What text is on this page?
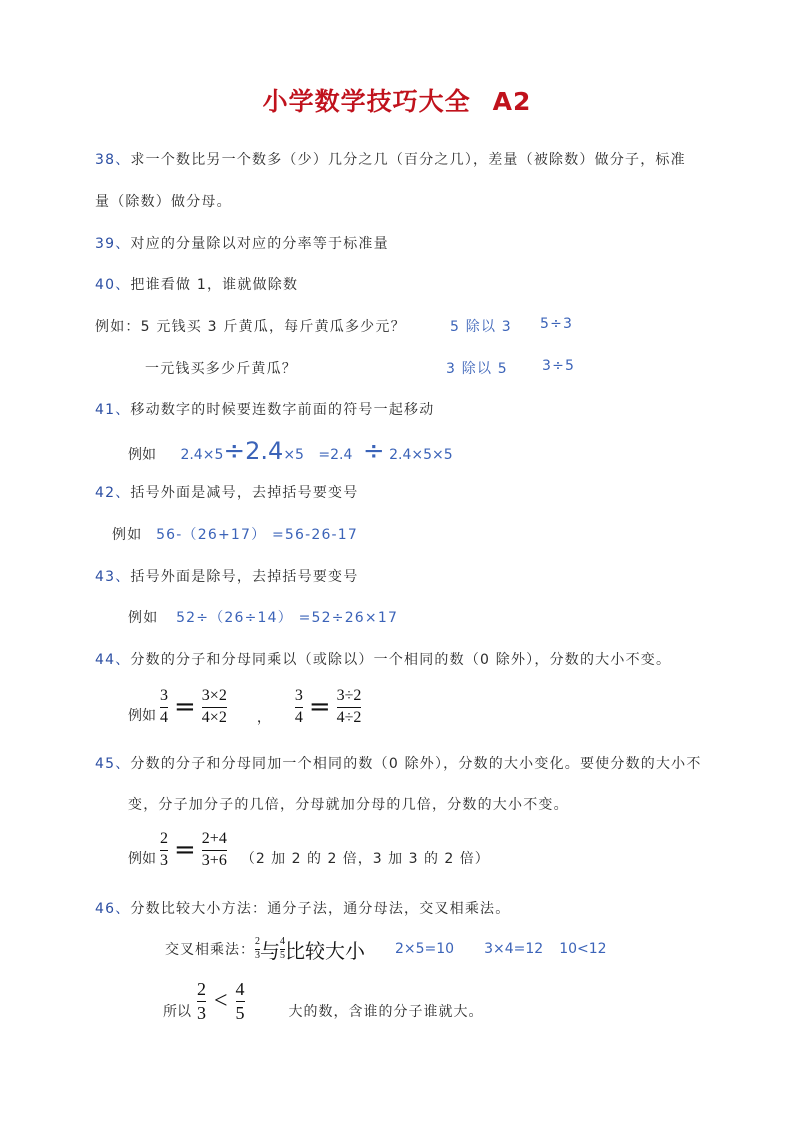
小学数学技巧大全 A2
38、求一个数比另一个数多（少）几分之几（百分之几），差量（被除数）做分子，标准
量（除数）做分母。
39、对应的分量除以对应的分率等于标准量
40、把谁看做 1，谁就做除数
例如：5 元钱买 3 斤黄瓜，每斤黄瓜多少元？	5 除以 3 5÷3
一元钱买多少斤黄瓜？	3 除以 5 3÷5
41、移动数字的时候要连数字前面的符号一起移动
例如 2.4×5÷2.4×5 =2.4 ÷ 2.4×5×5
42、括号外面是减号，去掉括号要变号
例如 56-（26+17） =56-26-17
43、括号外面是除号，去掉括号要变号
例如 52÷（26÷14） =52÷26×17
44、分数的分子和分母同乘以（或除以）一个相同的数（0 除外），分数的大小不变。
例如 $\frac{3}{4} = \frac{3\times 2}{4\times 2}$ ， $\frac{3}{4} = \frac{3\div 2}{4\div 2}$
45、分数的分子和分母同加一个相同的数（0 除外），分数的大小变化。要使分数的大小不
变，分子加分子的几倍，分母就加分母的几倍，分数的大小不变。
例如 $\frac{2}{3} = \frac{2+4}{3+6} (2$ 加 2 的 2 倍，3 加 3 的 2 倍）
46、分数比较大小方法：通分子法，通分母法，交叉相乘法。
交叉相乘法： $\frac{2}{3}$ 与 $\frac{4}{5}$ 比较大小 2×5=10 3×4=12 10<12
所以 $\frac{2}{3} < \frac{4}{5}$	大的数，含谁的分子谁就大。
